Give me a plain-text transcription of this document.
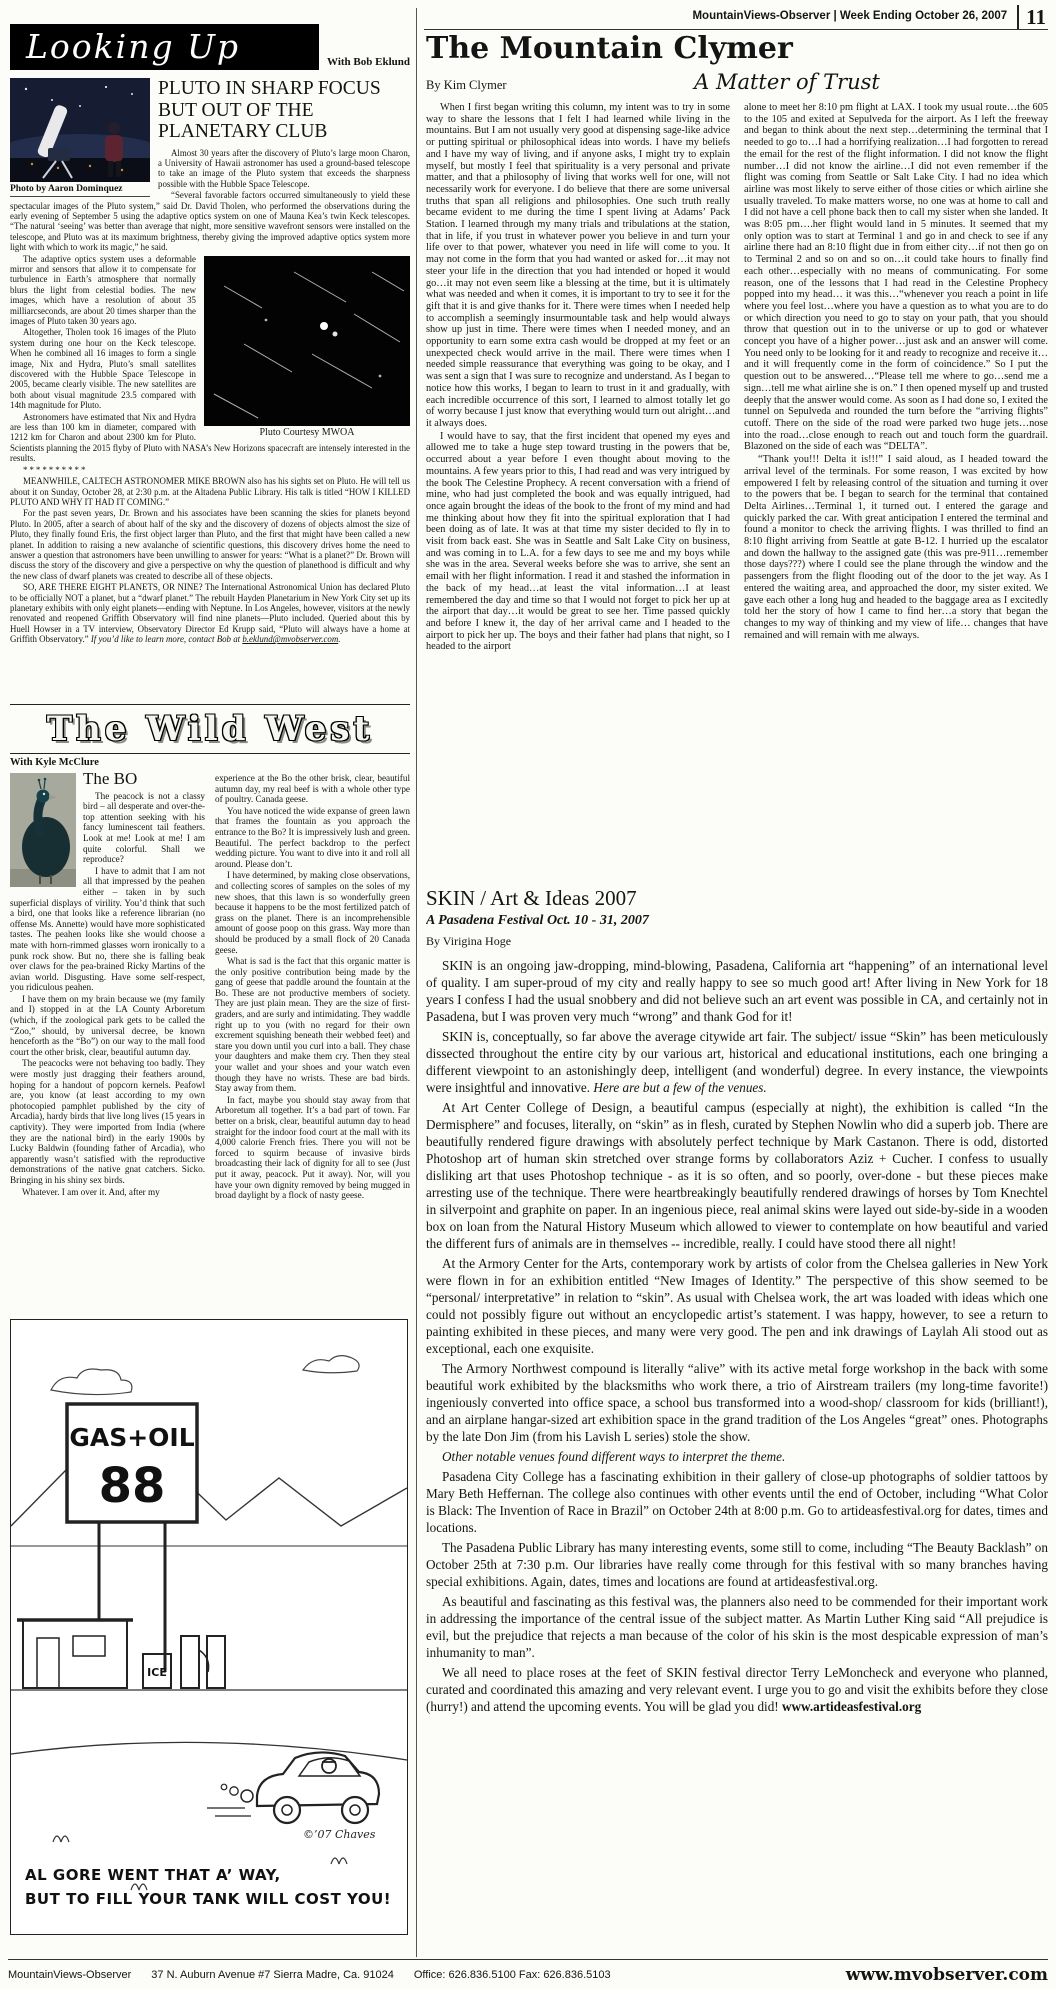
MountainViews-Observer | Week Ending October 26, 2007 11
Looking Up	With Bob Eklund
Photo by Aaron Dominquez
PLUTO IN SHARP FOCUS BUT OUT OF THE PLANETARY CLUB

Almost 30 years after the discovery of Pluto’s large moon Charon, a University of Hawaii astronomer has used a ground-based telescope to take an image of the Pluto system that exceeds the sharpness possible with the Hubble Space Telescope.

“Several favorable factors occurred simultaneously to yield these spectacular images of the Pluto system,” said Dr. David Tholen, who performed the observations during the early evening of September 5 using the adaptive optics system on one of Mauna Kea’s twin Keck telescopes. “The natural ‘seeing’ was better than average that night, more sensitive wavefront sensors were installed on the telescope, and Pluto was at its maximum brightness, thereby giving the improved adaptive optics system more light with which to work its magic,” he said.

Pluto Courtesy MWOA

The adaptive optics system uses a deformable mirror and sensors that allow it to compensate for turbulence in Earth’s atmosphere that normally blurs the light from celestial bodies. The new images, which have a resolution of about 35 milliarcseconds, are about 20 times sharper than the images of Pluto taken 30 years ago.

Altogether, Tholen took 16 images of the Pluto system during one hour on the Keck telescope. When he combined all 16 images to form a single image, Nix and Hydra, Pluto’s small satellites discovered with the Hubble Space Telescope in 2005, became clearly visible. The new satellites are both about visual magnitude 23.5 compared with 14th magnitude for Pluto.

Astronomers have estimated that Nix and Hydra are less than 100 km in diameter, compared with 1212 km for Charon and about 2300 km for Pluto. Scientists planning the 2015 flyby of Pluto with NASA’s New Horizons spacecraft are intensely interested in the results.

**********

MEANWHILE, CALTECH ASTRONOMER MIKE BROWN also has his sights set on Pluto. He will tell us about it on Sunday, October 28, at 2:30 p.m. at the Altadena Public Library. His talk is titled “HOW I KILLED PLUTO AND WHY IT HAD IT COMING.”

For the past seven years, Dr. Brown and his associates have been scanning the skies for planets beyond Pluto. In 2005, after a search of about half of the sky and the discovery of dozens of objects almost the size of Pluto, they finally found Eris, the first object larger than Pluto, and the first that might have been called a new planet. In addition to raising a new avalanche of scientific questions, this discovery drives home the need to answer a question that astronomers have been unwilling to answer for years: “What is a planet?” Dr. Brown will discuss the story of the discovery and give a perspective on why the question of planethood is difficult and why the new class of dwarf planets was created to describe all of these objects.

SO, ARE THERE EIGHT PLANETS, OR NINE? The International Astronomical Union has declared Pluto to be officially NOT a planet, but a “dwarf planet.” The rebuilt Hayden Planetarium in New York City set up its planetary exhibits with only eight planets—ending with Neptune. In Los Angeles, however, visitors at the newly renovated and reopened Griffith Observatory will find nine planets—Pluto included. Queried about this by Huell Howser in a TV interview, Observatory Director Ed Krupp said, “Pluto will always have a home at Griffith Observatory.” If you’d like to learn more, contact Bob at b.eklund@mvobserver.com.

The Wild West
With Kyle McClure
The BO

The peacock is not a classy bird – all desperate and over-the-top attention seeking with his fancy luminescent tail feathers. Look at me! Look at me! I am quite colorful. Shall we reproduce?

I have to admit that I am not all that impressed by the peahen either – taken in by such superficial displays of virility. You’d think that such a bird, one that looks like a reference librarian (no offense Ms. Annette) would have more sophisticated tastes. The peahen looks like she would choose a mate with horn-rimmed glasses worn ironically to a punk rock show. But no, there she is falling beak over claws for the pea-brained Ricky Martins of the avian world. Disgusting. Have some self-respect, you ridiculous peahen.

I have them on my brain because we (my family and I) stopped in at the LA County Arboretum (which, if the zoological park gets to be called the “Zoo,” should, by universal decree, be known henceforth as the “Bo”) on our way to the mall food court the other brisk, clear, beautiful autumn day.

The peacocks were not behaving too badly. They were mostly just dragging their feathers around, hoping for a handout of popcorn kernels. Peafowl are, you know (at least according to my own photocopied pamphlet published by the city of Arcadia), hardy birds that live long lives (15 years in captivity). They were imported from India (where they are the national bird) in the early 1900s by Lucky Baldwin (founding father of Arcadia), who apparently wasn’t satisfied with the reproductive demonstrations of the native gnat catchers. Sicko. Bringing in his shiny sex birds.

Whatever. I am over it. And, after my

experience at the Bo the other brisk, clear, beautiful autumn day, my real beef is with a whole other type of poultry. Canada geese.

You have noticed the wide expanse of green lawn that frames the fountain as you approach the entrance to the Bo? It is impressively lush and green. Beautiful. The perfect backdrop to the perfect wedding picture. You want to dive into it and roll all around. Please don’t.

I have determined, by making close observations, and collecting scores of samples on the soles of my new shoes, that this lawn is so wonderfully green because it happens to be the most fertilized patch of grass on the planet. There is an incomprehensible amount of goose poop on this grass. Way more than should be produced by a small flock of 20 Canada geese.

What is sad is the fact that this organic matter is the only positive contribution being made by the gang of geese that paddle around the fountain at the Bo. These are not productive members of society. They are just plain mean. They are the size of first- graders, and are surly and intimidating. They waddle right up to you (with no regard for their own excrement squishing beneath their webbed feet) and stare you down until you curl into a ball. They chase your daughters and make them cry. Then they steal your wallet and your shoes and your watch even though they have no wrists. These are bad birds. Stay away from them.

In fact, maybe you should stay away from that Arboretum all together. It’s a bad part of town. Far better on a brisk, clear, beautiful autumn day to head straight for the indoor food court at the mall with its 4,000 calorie French fries. There you will not be forced to squirm because of invasive birds broadcasting their lack of dignity for all to see (Just put it away, peacock. Put it away). Nor, will you have your own dignity removed by being mugged in broad daylight by a flock of nasty geese.

GAS+OIL
88
ICE
©’07 Chaves
AL GORE WENT THAT A’ WAY,
BUT TO FILL YOUR TANK WILL COST YOU!
The Mountain Clymer
By Kim Clymer	A Matter of Trust

When I first began writing this column, my intent was to try in some way to share the lessons that I felt I had learned while living in the mountains. But I am not usually very good at dispensing sage-like advice or putting spiritual or philosophical ideas into words. I have my beliefs and I have my way of living, and if anyone asks, I might try to explain myself, but mostly I feel that spirituality is a very personal and private matter, and that a philosophy of living that works well for one, will not necessarily work for everyone. I do believe that there are some universal truths that span all religions and philosophies. One such truth really became evident to me during the time I spent living at Adams’ Pack Station. I learned through my many trials and tribulations at the station, that in life, if you trust in whatever power you believe in and turn your life over to that power, whatever you need in life will come to you. It may not come in the form that you had wanted or asked for…it may not steer your life in the direction that you had intended or hoped it would go…it may not even seem like a blessing at the time, but it is ultimately what was needed and when it comes, it is important to try to see it for the gift that it is and give thanks for it. There were times when I needed help to accomplish a seemingly insurmountable task and help would always show up just in time. There were times when I needed money, and an opportunity to earn some extra cash would be dropped at my feet or an unexpected check would arrive in the mail. There were times when I needed simple reassurance that everything was going to be okay, and I was sent a sign that I was sure to recognize and understand. As I began to notice how this works, I began to learn to trust in it and gradually, with each incredible occurrence of this sort, I learned to almost totally let go of worry because I just know that everything would turn out alright…and it always does.

I would have to say, that the first incident that opened my eyes and allowed me to take a huge step toward trusting in the powers that be, occurred about a year before I even thought about moving to the mountains. A few years prior to this, I had read and was very intrigued by the book The Celestine Prophecy. A recent conversation with a friend of mine, who had just completed the book and was equally intrigued, had once again brought the ideas of the book to the front of my mind and had me thinking about how they fit into the spiritual exploration that I had been doing as of late. It was at that time my sister decided to fly in to visit from back east. She was in Seattle and Salt Lake City on business, and was coming in to L.A. for a few days to see me and my boys while she was in the area. Several weeks before she was to arrive, she sent an email with her flight information. I read it and stashed the information in the back of my head…at least the vital information…I at least remembered the day and time so that I would not forget to pick her up at the airport that day…it would be great to see her. Time passed quickly and before I knew it, the day of her arrival came and I headed to the airport to pick her up. The boys and their father had plans that night, so I headed to the airport

alone to meet her 8:10 pm flight at LAX. I took my usual route…the 605 to the 105 and exited at Sepulveda for the airport. As I left the freeway and began to think about the next step…determining the terminal that I needed to go to…I had a horrifying realization…I had forgotten to reread the email for the rest of the flight information. I did not know the flight number…I did not know the airline…I did not even remember if the flight was coming from Seattle or Salt Lake City. I had no idea which airline was most likely to serve either of those cities or which airline she usually traveled. To make matters worse, no one was at home to call and I did not have a cell phone back then to call my sister when she landed. It was 8:05 pm….her flight would land in 5 minutes. It seemed that my only option was to start at Terminal 1 and go in and check to see if any airline there had an 8:10 flight due in from either city…if not then go on to Terminal 2 and so on and so on…it could take hours to finally find each other…especially with no means of communicating. For some reason, one of the lessons that I had read in the Celestine Prophecy popped into my head… it was this…“whenever you reach a point in life where you feel lost…where you have a question as to what you are to do or which direction you need to go to stay on your path, that you should throw that question out in to the universe or up to god or whatever concept you have of a higher power…just ask and an answer will come. You need only to be looking for it and ready to recognize and receive it…and it will frequently come in the form of coincidence.” So I put the question out to be answered…“Please tell me where to go…send me a sign…tell me what airline she is on.” I then opened myself up and trusted deeply that the answer would come. As soon as I had done so, I exited the tunnel on Sepulveda and rounded the turn before the “arriving flights” cutoff. There on the side of the road were parked two huge jets…nose into the road…close enough to reach out and touch form the guardrail. Blazoned on the side of each was “DELTA”.

“Thank you!!! Delta it is!!!” I said aloud, as I headed toward the arrival level of the terminals. For some reason, I was excited by how empowered I felt by releasing control of the situation and turning it over to the powers that be. I began to search for the terminal that contained Delta Airlines…Terminal 1, it turned out. I entered the garage and quickly parked the car. With great anticipation I entered the terminal and found a monitor to check the arriving flights. I was thrilled to find an 8:10 flight arriving from Seattle at gate B-12. I hurried up the escalator and down the hallway to the assigned gate (this was pre-911…remember those days???) where I could see the plane through the window and the passengers from the flight flooding out of the door to the jet way. As I entered the waiting area, and approached the door, my sister exited. We gave each other a long hug and headed to the baggage area as I excitedly told her the story of how I came to find her…a story that began the changes to my way of thinking and my view of life… changes that have remained and will remain with me always.

SKIN / Art & Ideas 2007
A Pasadena Festival Oct. 10 - 31, 2007
By Virigina Hoge

SKIN is an ongoing jaw-dropping, mind-blowing, Pasadena, California art “happening” of an international level of quality. I am super-proud of my city and really happy to see so much good art! After living in New York for 18 years I confess I had the usual snobbery and did not believe such an art event was possible in CA, and certainly not in Pasadena, but I was proven very much “wrong” and thank God for it!

SKIN is, conceptually, so far above the average citywide art fair. The subject/ issue “Skin” has been meticulously dissected throughout the entire city by our various art, historical and educational institutions, each one bringing a different viewpoint to an astonishingly deep, intelligent (and wonderful) degree. In every instance, the viewpoints were insightful and innovative. Here are but a few of the venues.

At Art Center College of Design, a beautiful campus (especially at night), the exhibition is called “In the Dermisphere” and focuses, literally, on “skin” as in flesh, curated by Stephen Nowlin who did a superb job. There are beautifully rendered figure drawings with absolutely perfect technique by Mark Castanon. There is odd, distorted Photoshop art of human skin stretched over strange forms by collaborators Aziz + Cucher. I confess to usually disliking art that uses Photoshop technique - as it is so often, and so poorly, over-done - but these pieces make arresting use of the technique. There were heartbreakingly beautifully rendered drawings of horses by Tom Knechtel in silverpoint and graphite on paper. In an ingenious piece, real animal skins were layed out side-by-side in a wooden box on loan from the Natural History Museum which allowed to viewer to contemplate on how beautiful and varied the different furs of animals are in themselves -- incredible, really. I could have stood there all night!

At the Armory Center for the Arts, contemporary work by artists of color from the Chelsea galleries in New York were flown in for an exhibition entitled “New Images of Identity.” The perspective of this show seemed to be “personal/ interpretative” in relation to “skin”. As usual with Chelsea work, the art was loaded with ideas which one could not possibly figure out without an encyclopedic artist’s statement. I was happy, however, to see a return to painting exhibited in these pieces, and many were very good. The pen and ink drawings of Laylah Ali stood out as exceptional, each one exquisite.

The Armory Northwest compound is literally “alive” with its active metal forge workshop in the back with some beautiful work exhibited by the blacksmiths who work there, a trio of Airstream trailers (my long-time favorite!) ingeniously converted into office space, a school bus transformed into a wood-shop/ classroom for kids (brilliant!), and an airplane hangar-sized art exhibition space in the grand tradition of the Los Angeles “great” ones. Photographs by the late Don Jim (from his Lavish L series) stole the show.

Other notable venues found different ways to interpret the theme.

Pasadena City College has a fascinating exhibition in their gallery of close-up photographs of soldier tattoos by Mary Beth Heffernan. The college also continues with other events until the end of October, including “What Color is Black: The Invention of Race in Brazil” on October 24th at 8:00 p.m. Go to artideasfestival.org for dates, times and locations.

The Pasadena Public Library has many interesting events, some still to come, including “The Beauty Backlash” on October 25th at 7:30 p.m. Our libraries have really come through for this festival with so many branches having special exhibitions. Again, dates, times and locations are found at artideasfestival.org.

As beautiful and fascinating as this festival was, the planners also need to be commended for their important work in addressing the importance of the central issue of the subject matter. As Martin Luther King said “All prejudice is evil, but the prejudice that rejects a man because of the color of his skin is the most despicable expression of man’s inhumanity to man”.

We all need to place roses at the feet of SKIN festival director Terry LeMoncheck and everyone who planned, curated and coordinated this amazing and very relevant event. I urge you to go and visit the exhibits before they close (hurry!) and attend the upcoming events. You will be glad you did! www.artideasfestival.org

MountainViews-Observer 37 N. Auburn Avenue #7 Sierra Madre, Ca. 91024 Office: 626.836.5100 Fax: 626.836.5103	www.mvobserver.com
